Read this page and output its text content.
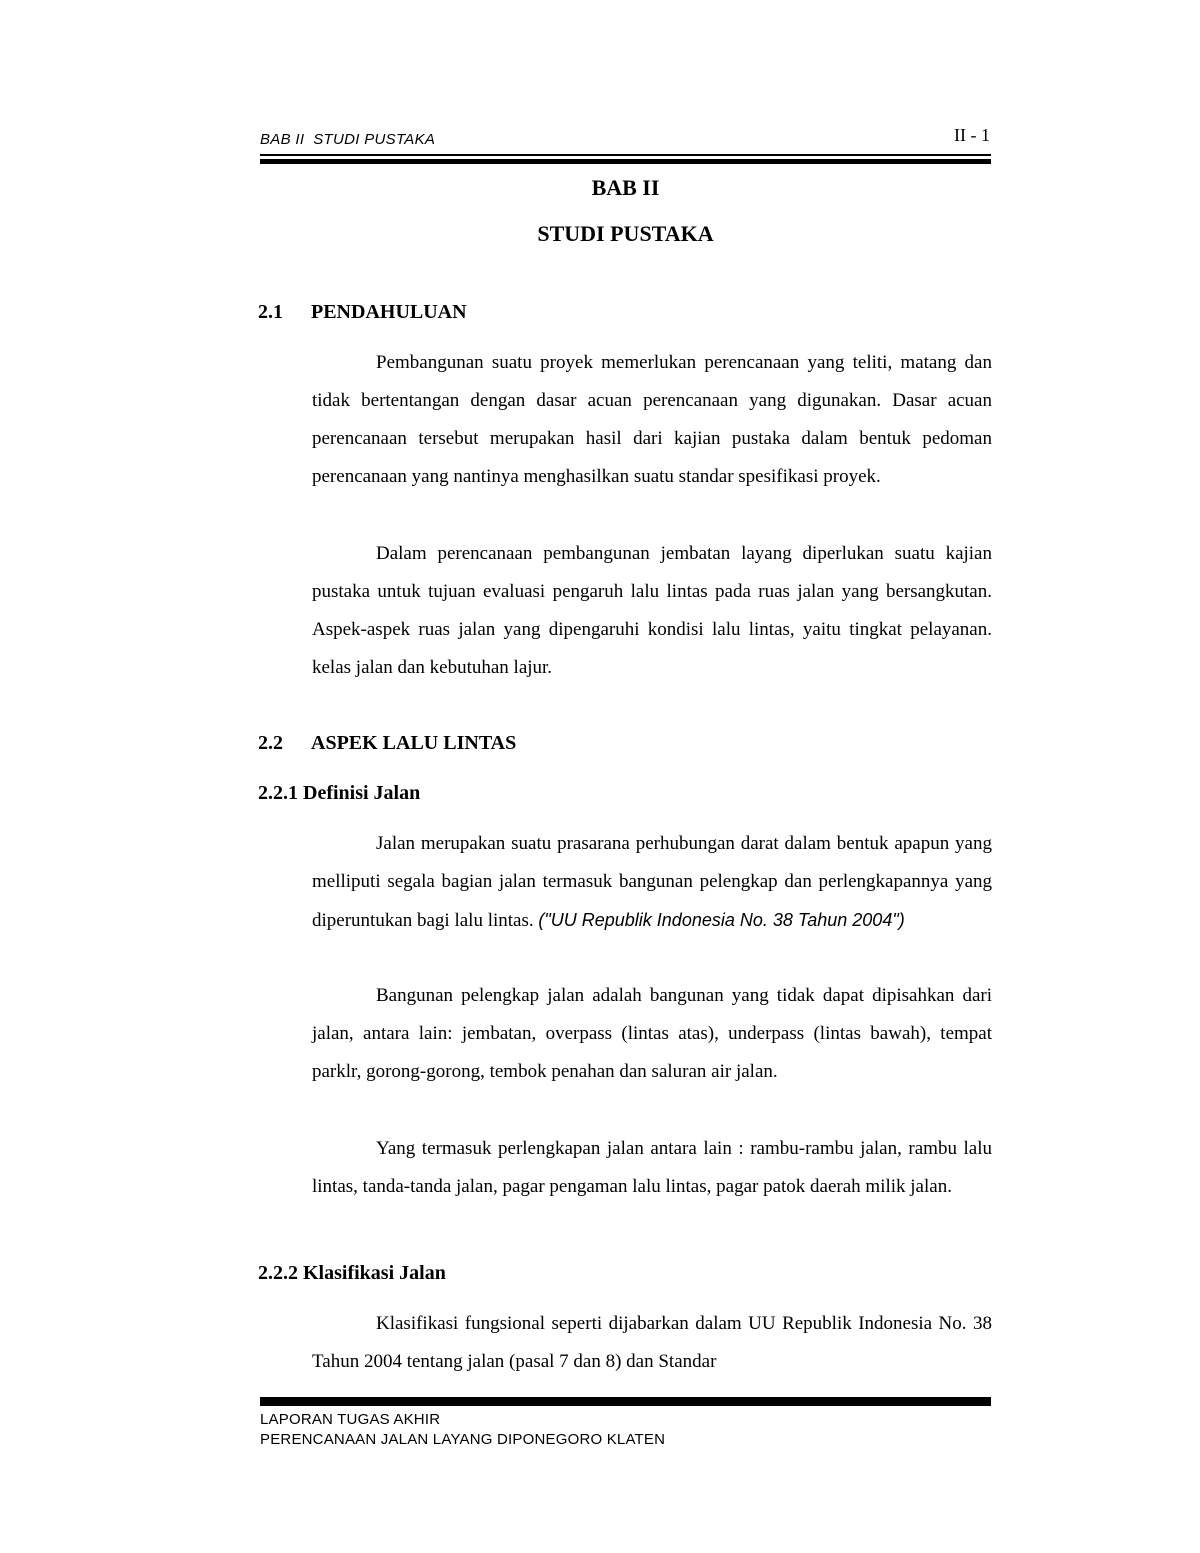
BAB II  STUDI PUSTAKA	II - 1
BAB II
STUDI PUSTAKA
2.1 PENDAHULUAN
Pembangunan suatu proyek memerlukan perencanaan yang teliti, matang dan tidak bertentangan dengan dasar acuan perencanaan yang digunakan. Dasar acuan perencanaan tersebut merupakan hasil dari kajian pustaka dalam bentuk pedoman perencanaan yang nantinya menghasilkan suatu standar spesifikasi proyek.
Dalam perencanaan pembangunan jembatan layang diperlukan suatu kajian pustaka untuk tujuan evaluasi pengaruh lalu lintas pada ruas jalan yang bersangkutan. Aspek-aspek ruas jalan yang dipengaruhi kondisi lalu lintas, yaitu tingkat pelayanan. kelas jalan dan kebutuhan lajur.
2.2 ASPEK LALU LINTAS
2.2.1 Definisi Jalan
Jalan merupakan suatu prasarana perhubungan darat dalam bentuk apapun yang melliputi segala bagian jalan termasuk bangunan pelengkap dan perlengkapannya yang diperuntukan bagi lalu lintas. ("UU Republik Indonesia No. 38 Tahun 2004")
Bangunan pelengkap jalan adalah bangunan yang tidak dapat dipisahkan dari jalan, antara lain: jembatan, overpass (lintas atas), underpass (lintas bawah), tempat parklr, gorong-gorong, tembok penahan dan saluran air jalan.
Yang termasuk perlengkapan jalan antara lain : rambu-rambu jalan, rambu lalu lintas, tanda-tanda jalan, pagar pengaman lalu lintas, pagar patok daerah milik jalan.
2.2.2 Klasifikasi Jalan
Klasifikasi fungsional seperti dijabarkan dalam UU Republik Indonesia No. 38 Tahun 2004 tentang jalan (pasal 7 dan 8) dan Standar
LAPORAN TUGAS AKHIR
PERENCANAAN JALAN LAYANG DIPONEGORO KLATEN
